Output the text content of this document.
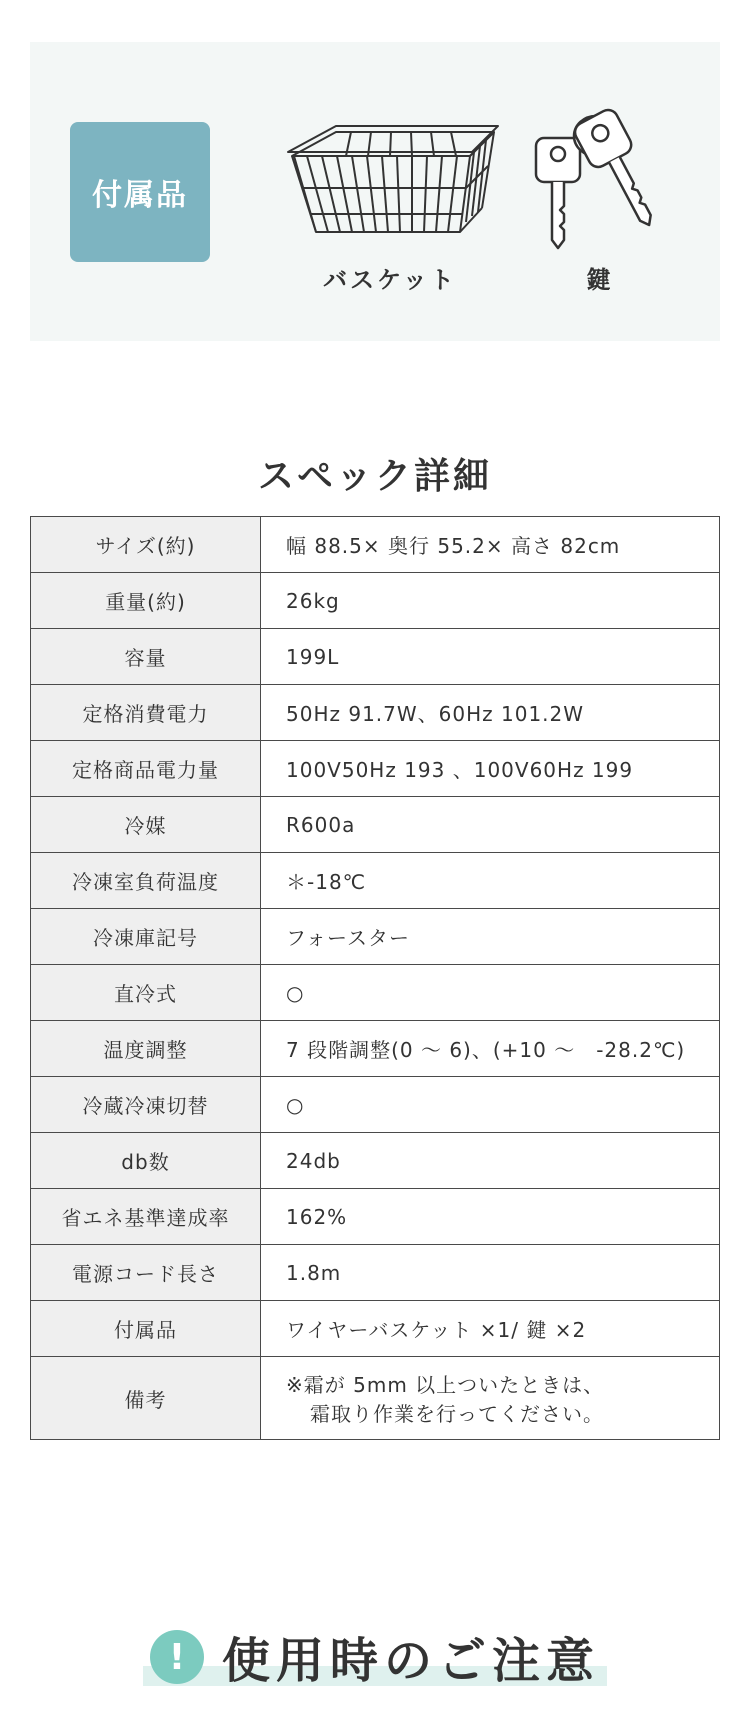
付属品
バスケット	鍵
スペック詳細
サイズ(約)	幅 88.5× 奥行 55.2× 高さ 82cm
重量(約)	26kg
容量	199L
定格消費電力	50Hz 91.7W、60Hz 101.2W
定格商品電力量	100V50Hz 193 、100V60Hz 199
冷媒	R600a
冷凍室負荷温度	＊-18℃
冷凍庫記号	フォースター
直冷式	○
温度調整	7 段階調整(0 ～ 6)、(+10 ～　-28.2℃)
冷蔵冷凍切替	○
db数	24db
省エネ基準達成率	162%
電源コード長さ	1.8m
付属品	ワイヤーバスケット ×1/ 鍵 ×2
備考	※霜が 5mm 以上ついたときは、
霜取り作業を行ってください。
! 使用時のご注意
